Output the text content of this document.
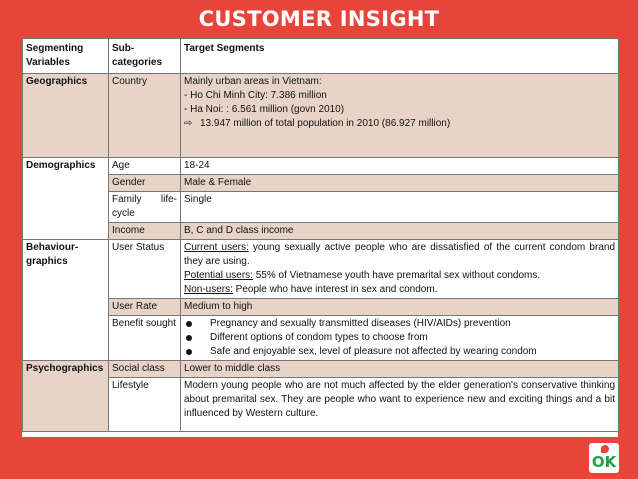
CUSTOMER INSIGHT
Segmenting Variables	Sub-categories	Target Segments
Geographics	Country	Mainly urban areas in Vietnam:
- Ho Chi Minh City: 7.386 million
- Ha Noi: : 6.561 million (govn 2010)
⇨ 13.947 million of total population in 2010 (86.927 million)

Demographics	Age	18-24
	Gender	Male & Female
	Family life-cycle	Single
	Income	B, C and D class income
Behaviour-graphics	User Status	Current users: young sexually active people who are dissatisfied of the current condom brand they are using.
Potential users: 55% of Vietnamese youth have premarital sex without condoms.
Non-users: People who have interest in sex and condom.

	User Rate	Medium to high
	Benefit sought	Pregnancy and sexually transmitted diseases (HIV/AIDs) prevention
Different options of condom types to choose from
Safe and enjoyable sex, level of pleasure not affected by wearing condom

Psychographics	Social class	Lower to middle class
	Lifestyle	Modern young people who are not much affected by the elder generation's conservative thinking about premarital sex. They are people who want to experience new and exciting things and a bit influenced by Western culture.
OK
